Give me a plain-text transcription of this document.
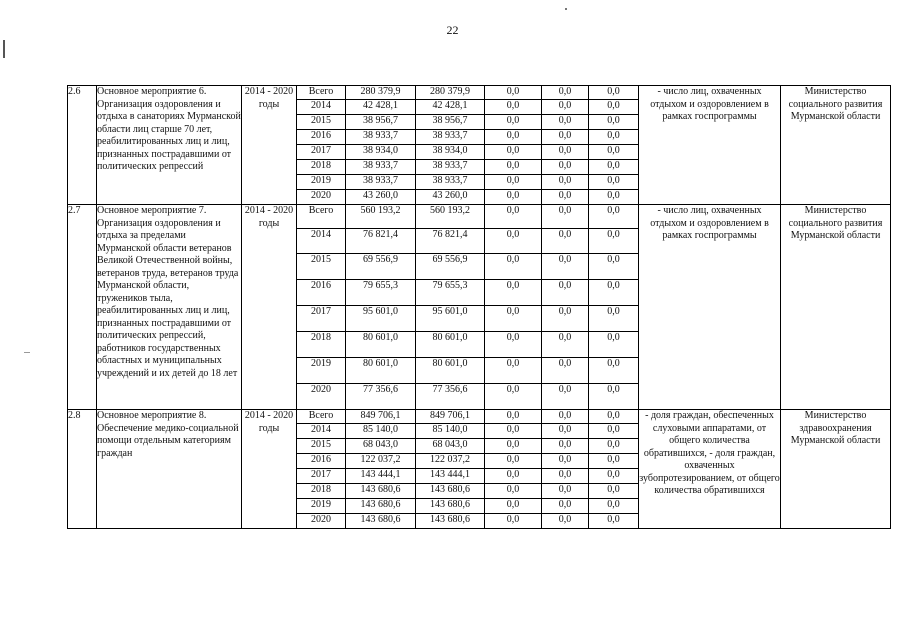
22
2.6	Основное мероприятие 6. Организация оздоровления и отдыха в санаториях Мурманской области лиц старше 70 лет, реабилитированных лиц и лиц, признанных пострадавшими от политических репрессий	2014 - 2020 годы	Всего	280 379,9	280 379,9	0,0	0,0	0,0	- число лиц, охваченных отдыхом и оздоровлением в рамках госпрограммы	Министерство социального развития Мурманской области
			2014	42 428,1	42 428,1	0,0	0,0	0,0		
			2015	38 956,7	38 956,7	0,0	0,0	0,0		
			2016	38 933,7	38 933,7	0,0	0,0	0,0		
			2017	38 934,0	38 934,0	0,0	0,0	0,0		
			2018	38 933,7	38 933,7	0,0	0,0	0,0		
			2019	38 933,7	38 933,7	0,0	0,0	0,0		
			2020	43 260,0	43 260,0	0,0	0,0	0,0		
2.7	Основное мероприятие 7. Организация оздоровления и отдыха за пределами Мурманской области ветеранов Великой Отечественной войны, ветеранов труда, ветеранов труда Мурманской области, тружеников тыла, реабилитированных лиц и лиц, признанных пострадавшими от политических репрессий, работников государственных областных и муниципальных учреждений и их детей до 18 лет	2014 - 2020 годы	Всего	560 193,2	560 193,2	0,0	0,0	0,0	- число лиц, охваченных отдыхом и оздоровлением в рамках госпрограммы	Министерство социального развития Мурманской области
			2014	76 821,4	76 821,4	0,0	0,0	0,0		
			2015	69 556,9	69 556,9	0,0	0,0	0,0		
			2016	79 655,3	79 655,3	0,0	0,0	0,0		
			2017	95 601,0	95 601,0	0,0	0,0	0,0		
			2018	80 601,0	80 601,0	0,0	0,0	0,0		
			2019	80 601,0	80 601,0	0,0	0,0	0,0		
			2020	77 356,6	77 356,6	0,0	0,0	0,0		
2.8	Основное мероприятие 8. Обеспечение медико-социальной помощи отдельным категориям граждан	2014 - 2020 годы	Всего	849 706,1	849 706,1	0,0	0,0	0,0	- доля граждан, обеспеченных слуховыми аппаратами, от общего количества обратившихся, - доля граждан, охваченных зубопротезированием, от общего количества обратившихся	Министерство здравоохранения Мурманской области
			2014	85 140,0	85 140,0	0,0	0,0	0,0		
			2015	68 043,0	68 043,0	0,0	0,0	0,0		
			2016	122 037,2	122 037,2	0,0	0,0	0,0		
			2017	143 444,1	143 444,1	0,0	0,0	0,0		
			2018	143 680,6	143 680,6	0,0	0,0	0,0		
			2019	143 680,6	143 680,6	0,0	0,0	0,0		
			2020	143 680,6	143 680,6	0,0	0,0	0,0		
